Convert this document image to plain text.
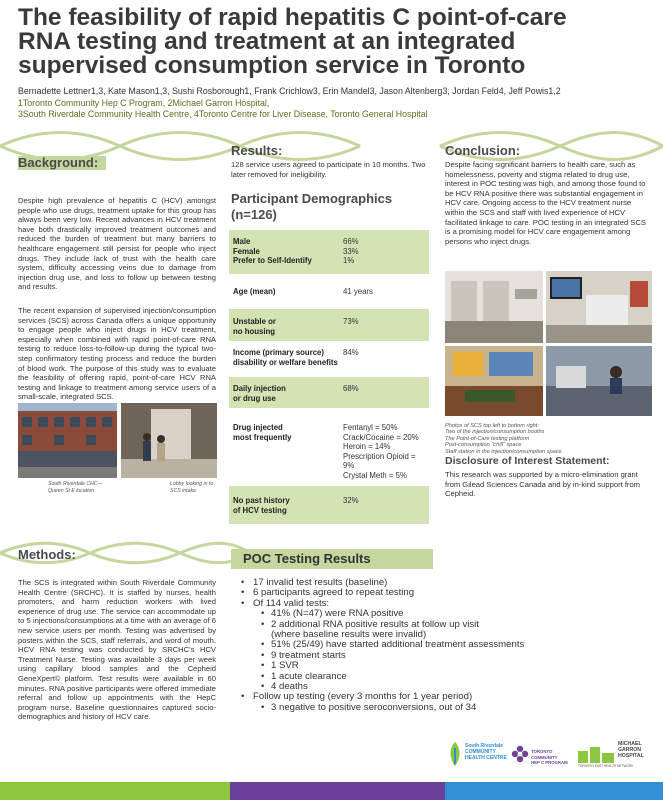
The feasibility of rapid hepatitis C point-of-care
RNA testing and treatment at an integrated
supervised consumption service in Toronto
Bernadette Lettner1,3, Kate Mason1,3, Sushi Rosborough1, Frank Crichlow3, Erin Mandel3, Jason Altenberg3, Jordan Feld4, Jeff Powis1,2
1Toronto Community Hep C Program, 2Michael Garron Hospital,
3South Riverdale Community Health Centre, 4Toronto Centre for Liver Disease, Toronto General Hospital
Background:
Despite high prevalence of hepatitis C (HCV) amongst people who use drugs, treatment uptake for this group has always been very low. Recent advances in HCV treatment have both drastically improved treatment outcomes and reduced the burden of treatment but many barriers to healthcare engagement still persist for people who inject drugs. They include lack of trust with the health care system, difficulty accessing veins due to damage from injection drug use, and loss to follow up between testing and results.
The recent expansion of supervised injection/consumption services (SCS) across Canada offers a unique opportunity to engage people who inject drugs in HCV treatment, especially when combined with rapid point-of-care RNA testing to reduce loss-to-follow-up during the typical two-step confirmatory testing process and reduce the burden of blood work. The purpose of this study was to evaluate the feasibility of offering rapid, point-of-care HCV RNA testing and linkage to treatment among service users of a small-scale, integrated SCS.
South Riverdale CHC— Queen St E location
Lobby looking in to SCS intake
Results:
128 service users agreed to participate in 10 months. Two later removed for ineligibility.
Participant Demographics
(n=126)
Male
Female
Prefer to Self-Identify
66%
33%
1%
Age (mean)	41 years
Unstable or
no housing
73%
Income (primary source)
disability or welfare benefits
84%
Daily injection
or drug use
68%
Drug injected
most frequently
Fentanyl = 50%
Crack/Cocaine = 20%
Heroin = 14%
Prescription Opioid = 9%
Crystal Meth = 5%
No past history
of HCV testing
32%
Conclusion:
Despite facing significant barriers to health care, such as homelessness, poverty and stigma related to drug use, interest in POC testing was high, and among those found to be HCV RNA positive there was substantial engagement in HCV care. Ongoing access to the HCV treatment nurse within the SCS and staff with lived experience of HCV facilitated linkage to care. POC testing in an integrated SCS is a promising model for HCV care engagement among persons who inject drugs.
Photos of SCS top left to bottom right:
Two of the injection/consumption booths
The Point-of-Care testing platform
Post-consumption "chill" space
Staff station in the injection/consumption space
Disclosure of Interest Statement:
This research was supported by a micro-elimination grant from Gilead Sciences Canada and by in-kind support from Cepheid.
Methods:
The SCS is integrated within South Riverdale Community Health Centre (SRCHC). It is staffed by nurses, health promoters, and harm reduction workers with lived experience of drug use. The service can accommodate up to 5 injections/consumptions at a time with an average of 6 new service users per month. Testing was advertised by posters within the SCS, staff referrals, and word of mouth. HCV RNA testing was conducted by SRCHC's HCV Treatment Nurse. Testing was available 3 days per week using capillary blood samples and the Cepheid GeneXpert© platform. Test results were available in 60 minutes. RNA positive participants were offered immediate referral and follow up appointments with the HepC program nurse. Baseline questionnaires captured socio-demographics and history of HCV care.
POC Testing Results
• 17 invalid test results (baseline)
• 6 participants agreed to repeat testing
• Of 114 valid tests:
• 41% (N=47) were RNA positive
• 2 additional RNA positive results at follow up visit
(where baseline results were invalid)
• 51% (25/49) have started additional treatment assessments
• 9 treatment starts
• 1 SVR
• 1 acute clearance
• 4 deaths
• Follow up testing (every 3 months for 1 year period)
• 3 negative to positive seroconversions, out of 34
South Riverdale
COMMUNITY
HEALTH CENTRE
TORONTO COMMUNITY
HEP C PROGRAM
MICHAEL
GARRON
HOSPITAL
TORONTO EAST HEALTH NETWORK
